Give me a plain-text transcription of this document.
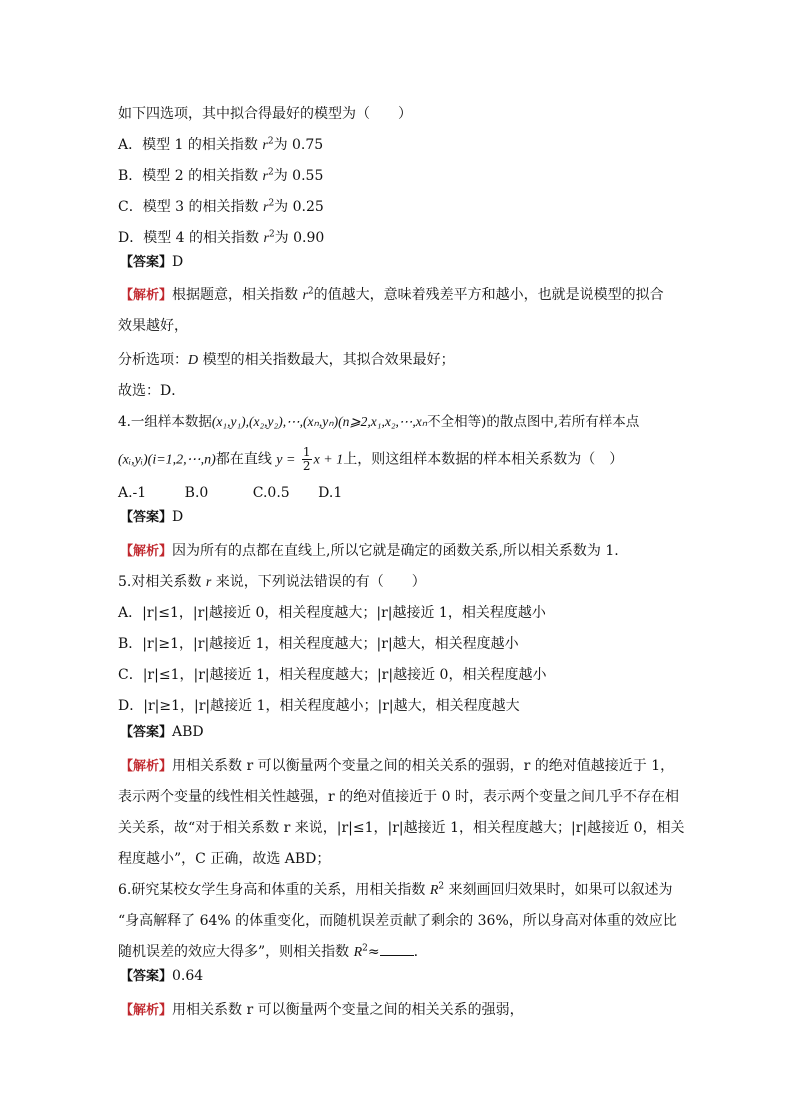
如下四选项，其中拟合得最好的模型为（　　）
A．模型 1 的相关指数 $r^2$为 0.75
B．模型 2 的相关指数 $r^2$为 0.55
C．模型 3 的相关指数 $r^2$为 0.25
D．模型 4 的相关指数 $r^2$为 0.90
【答案】D
【解析】根据题意，相关指数 $r^2$的值越大，意味着残差平方和越小，也就是说模型的拟合
效果越好，
分析选项：D 模型的相关指数最大，其拟合效果最好；
故选：D．
4.一组样本数据(x₁,y₁),(x₂,y₂),⋯,(xₙ,yₙ)(n⩾2,x₁,x₂,⋯,xₙ不全相等)的散点图中,若所有样本点
(xᵢ,yᵢ)(i=1,2,⋯,n)都在直线 $y = \frac{1}{2}$ x + 1上，则这组样本数据的样本相关系数为（　）
A.-1	B.0	C.0.5 D.1
【答案】D
【解析】因为所有的点都在直线上,所以它就是确定的函数关系,所以相关系数为 1.
5.对相关系数 r 来说，下列说法错误的有（　　）
A．|r|≤1，|r|越接近 0，相关程度越大；|r|越接近 1，相关程度越小
B．|r|≥1，|r|越接近 1，相关程度越大；|r|越大，相关程度越小
C．|r|≤1，|r|越接近 1，相关程度越大；|r|越接近 0，相关程度越小
D．|r|≥1，|r|越接近 1，相关程度越小；|r|越大，相关程度越大
【答案】ABD
【解析】用相关系数 r 可以衡量两个变量之间的相关关系的强弱，r 的绝对值越接近于 1，
表示两个变量的线性相关性越强，r 的绝对值接近于 0 时，表示两个变量之间几乎不存在相
关关系，故“对于相关系数 r 来说，|r|≤1，|r|越接近 1，相关程度越大；|r|越接近 0，相关
程度越小”，C 正确，故选 ABD；
6.研究某校女学生身高和体重的关系，用相关指数 $R^2$ 来刻画回归效果时，如果可以叙述为
“身高解释了 64% 的体重变化，而随机误差贡献了剩余的 36%，所以身高对体重的效应比
随机误差的效应大得多”，则相关指数 $R^2\approx$ .
【答案】0.64
【解析】用相关系数 r 可以衡量两个变量之间的相关关系的强弱，
